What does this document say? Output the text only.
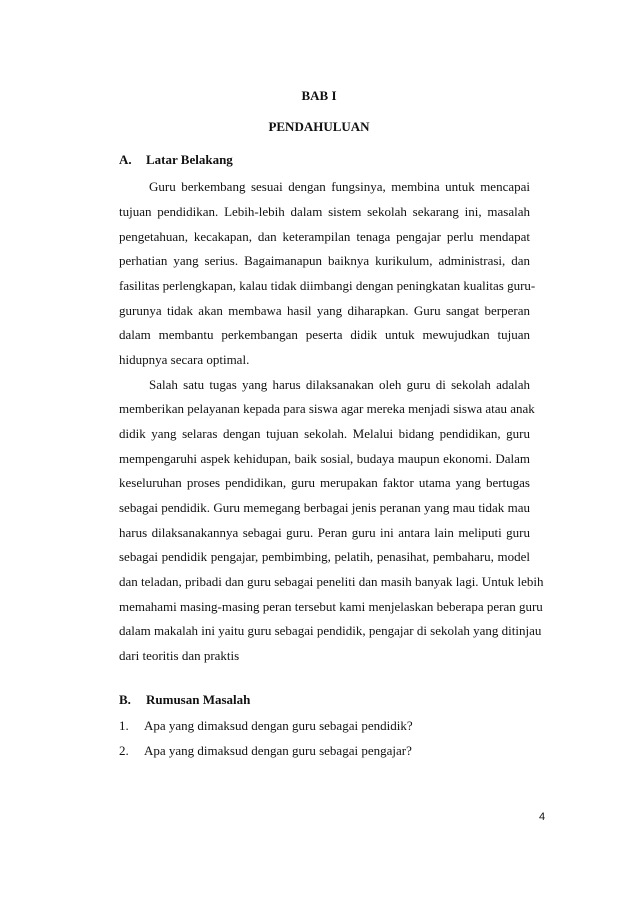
BAB I
PENDAHULUAN
A. Latar Belakang
Guru berkembang sesuai dengan fungsinya, membina untuk mencapai
tujuan pendidikan. Lebih-lebih dalam sistem sekolah sekarang ini, masalah
pengetahuan, kecakapan, dan keterampilan tenaga pengajar perlu mendapat
perhatian yang serius. Bagaimanapun baiknya kurikulum, administrasi, dan
fasilitas perlengkapan, kalau tidak diimbangi dengan peningkatan kualitas guru-
gurunya tidak akan membawa hasil yang diharapkan. Guru sangat berperan
dalam membantu perkembangan peserta didik untuk mewujudkan tujuan
hidupnya secara optimal.
Salah satu tugas yang harus dilaksanakan oleh guru di sekolah adalah
memberikan pelayanan kepada para siswa agar mereka menjadi siswa atau anak
didik yang selaras dengan tujuan sekolah. Melalui bidang pendidikan, guru
mempengaruhi aspek kehidupan, baik sosial, budaya maupun ekonomi. Dalam
keseluruhan proses pendidikan, guru merupakan faktor utama yang bertugas
sebagai pendidik. Guru memegang berbagai jenis peranan yang mau tidak mau
harus dilaksanakannya sebagai guru. Peran guru ini antara lain meliputi guru
sebagai pendidik pengajar, pembimbing, pelatih, penasihat, pembaharu, model
dan teladan, pribadi dan guru sebagai peneliti dan masih banyak lagi. Untuk lebih
memahami masing-masing peran tersebut kami menjelaskan beberapa peran guru
dalam makalah ini yaitu guru sebagai pendidik, pengajar di sekolah yang ditinjau
dari teoritis dan praktis
B. Rumusan Masalah
1. Apa yang dimaksud dengan guru sebagai pendidik?
2. Apa yang dimaksud dengan guru sebagai pengajar?
4
